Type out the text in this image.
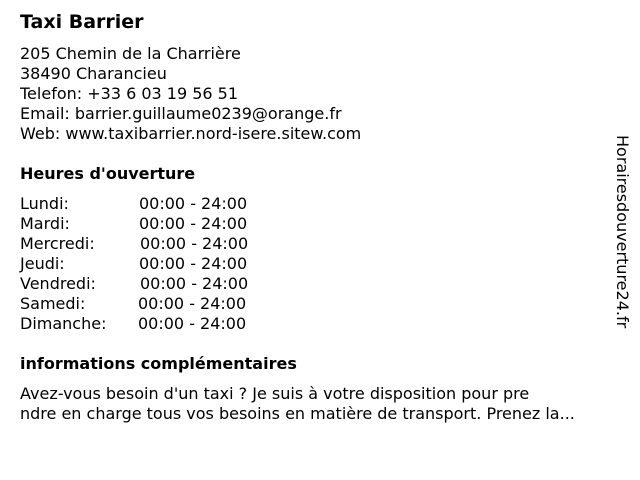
Taxi Barrier
205 Chemin de la Charrière
38490 Charancieu
Telefon: +33 6 03 19 56 51
Email: barrier.guillaume0239@orange.fr
Web: www.taxibarrier.nord-isere.sitew.com
Heures d'ouverture
Lundi:	00:00 - 24:00
Mardi:	00:00 - 24:00
Mercredi:	00:00 - 24:00
Jeudi:	00:00 - 24:00
Vendredi:	00:00 - 24:00
Samedi:	00:00 - 24:00
Dimanche: 00:00 - 24:00
informations complémentaires
Avez-vous besoin d'un taxi ? Je suis à votre disposition pour pre
ndre en charge tous vos besoins en matière de transport. Prenez la...
Horairesdouverture24.fr
